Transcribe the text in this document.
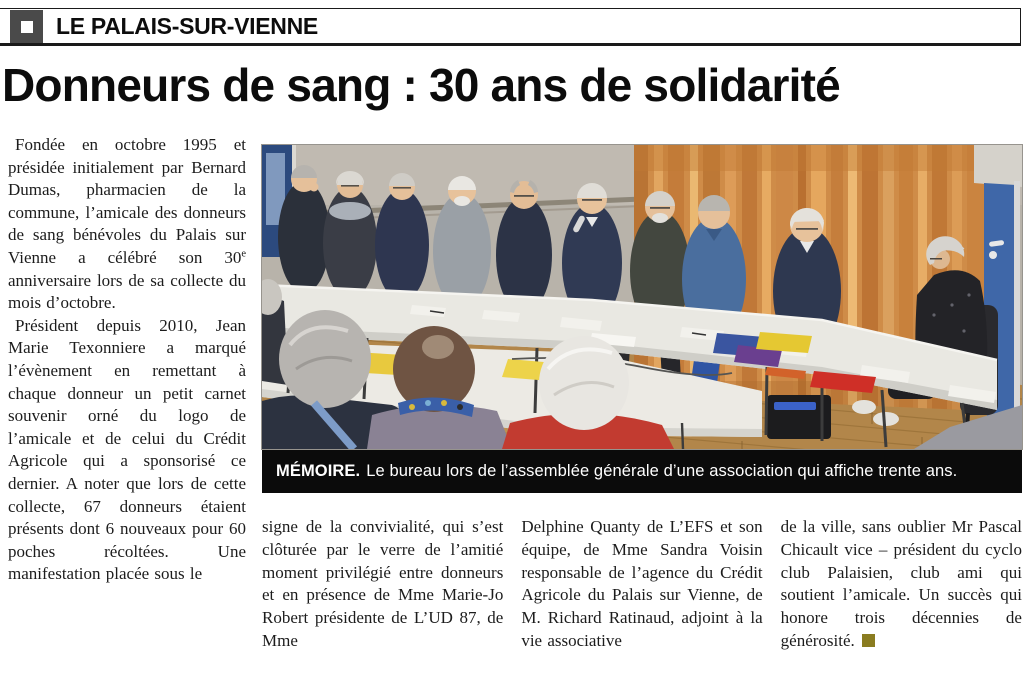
LE PALAIS-SUR-VIENNE
Donneurs de sang : 30 ans de solidarité

Fondée en octobre 1995 et présidée initialement par Bernard Dumas, pharmacien de la commune, l’amicale des donneurs de sang bénévoles du Palais sur Vienne a célébré son 30e anniversaire lors de sa collecte du mois d’octobre.

Président depuis 2010, Jean Marie Texonniere a marqué l’évènement en remettant à chaque donneur un petit carnet souvenir orné du logo de l’amicale et de celui du Crédit Agricole qui a sponsorisé ce dernier. A noter que lors de cette collecte, 67 donneurs étaient présents dont 6 nouveaux pour 60 poches récoltées. Une manifestation placée sous le

MÉMOIRE. Le bureau lors de l’assemblée générale d’une association qui affiche trente ans.

signe de la convivialité, qui s’est clôturée par le verre de l’amitié moment privilégié entre donneurs et en présence de Mme Marie-Jo Robert présidente de L’UD 87, de Mme

Delphine Quanty de L’EFS et son équipe, de Mme Sandra Voisin responsable de l’agence du Crédit Agricole du Palais sur Vienne, de M. Richard Ratinaud, adjoint à la vie associative

de la ville, sans oublier Mr Pascal Chicault vice – président du cyclo club Palaisien, club ami qui soutient l’amicale. Un succès qui honore trois décennies de générosité.
